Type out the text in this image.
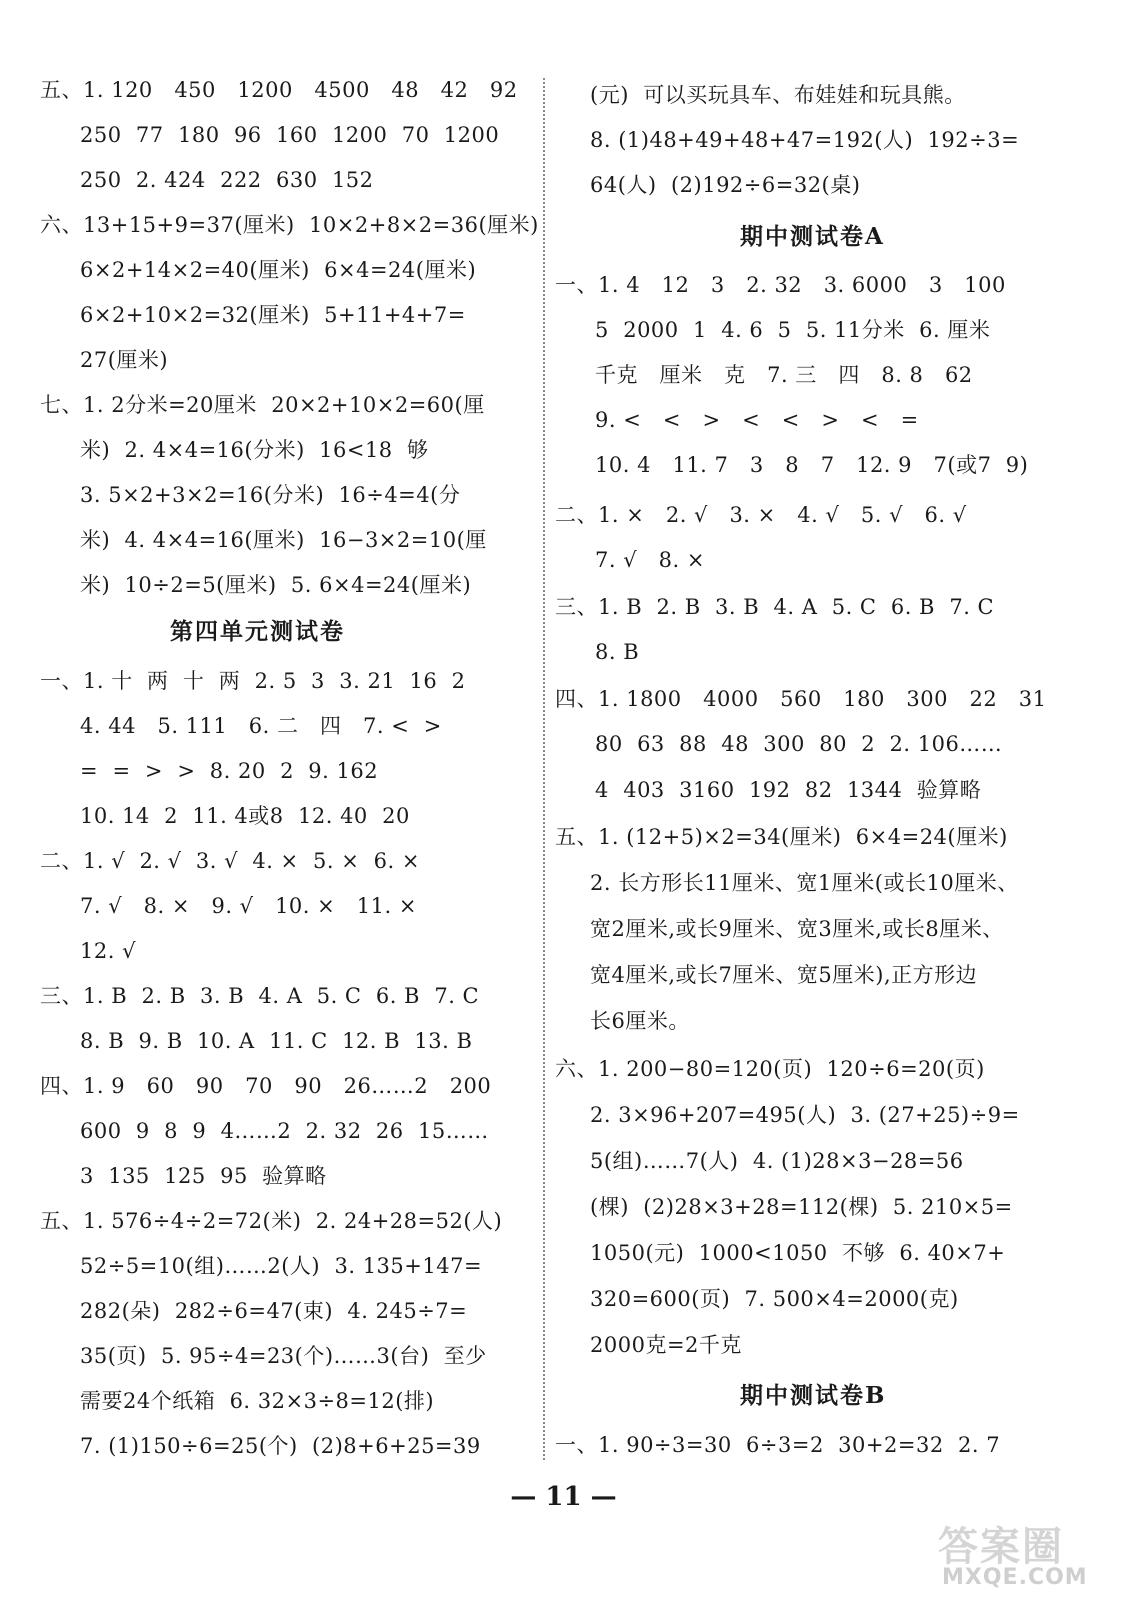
五、1. 120   450   1200   4500   48   42   92
250  77  180  96  160  1200  70  1200
250  2. 424  222  630  152
六、13+15+9=37(厘米)  10×2+8×2=36(厘米)
6×2+14×2=40(厘米)  6×4=24(厘米)
6×2+10×2=32(厘米)  5+11+4+7=
27(厘米)
七、1. 2分米=20厘米  20×2+10×2=60(厘
米)  2. 4×4=16(分米)  16<18  够
3. 5×2+3×2=16(分米)  16÷4=4(分
米)  4. 4×4=16(厘米)  16−3×2=10(厘
米)  10÷2=5(厘米)  5. 6×4=24(厘米)
第四单元测试卷
一、1. 十  两  十  两  2. 5  3  3. 21  16  2
4. 44   5. 111   6. 二   四   7. <  >
=  =  >  >  8. 20  2  9. 162
10. 14  2  11. 4或8  12. 40  20
二、1. √  2. √  3. √  4. ×  5. ×  6. ×
7. √   8. ×   9. √   10. ×   11. ×
12. √
三、1. B  2. B  3. B  4. A  5. C  6. B  7. C
8. B  9. B  10. A  11. C  12. B  13. B
四、1. 9   60   90   70   90   26……2   200
600  9  8  9  4……2  2. 32  26  15……
3  135  125  95  验算略
五、1. 576÷4÷2=72(米)  2. 24+28=52(人)
52÷5=10(组)……2(人)  3. 135+147=
282(朵)  282÷6=47(束)  4. 245÷7=
35(页)  5. 95÷4=23(个)……3(台)  至少
需要24个纸箱  6. 32×3÷8=12(排)
7. (1)150÷6=25(个)  (2)8+6+25=39
(元)  可以买玩具车、布娃娃和玩具熊。
8. (1)48+49+48+47=192(人)  192÷3=
64(人)  (2)192÷6=32(桌)
期中测试卷A
一、1. 4   12   3   2. 32   3. 6000   3   100
5  2000  1  4. 6  5  5. 11分米  6. 厘米
千克   厘米   克   7. 三   四   8. 8   62
9. <   <   >   <   <   >   <   =
10. 4   11. 7   3   8   7   12. 9   7(或7  9)
二、1. ×   2. √   3. ×   4. √   5. √   6. √
7. √   8. ×
三、1. B  2. B  3. B  4. A  5. C  6. B  7. C
8. B
四、1. 1800   4000   560   180   300   22   31
80  63  88  48  300  80  2  2. 106……
4  403  3160  192  82  1344  验算略
五、1. (12+5)×2=34(厘米)  6×4=24(厘米)
2. 长方形长11厘米、宽1厘米(或长10厘米、
宽2厘米,或长9厘米、宽3厘米,或长8厘米、
宽4厘米,或长7厘米、宽5厘米),正方形边
长6厘米。
六、1. 200−80=120(页)  120÷6=20(页)
2. 3×96+207=495(人)  3. (27+25)÷9=
5(组)……7(人)  4. (1)28×3−28=56
(棵)  (2)28×3+28=112(棵)  5. 210×5=
1050(元)  1000<1050  不够  6. 40×7+
320=600(页)  7. 500×4=2000(克)
2000克=2千克
期中测试卷B
一、1. 90÷3=30  6÷3=2  30+2=32  2. 7
— 11 —
答案圈
MXQE.COM
